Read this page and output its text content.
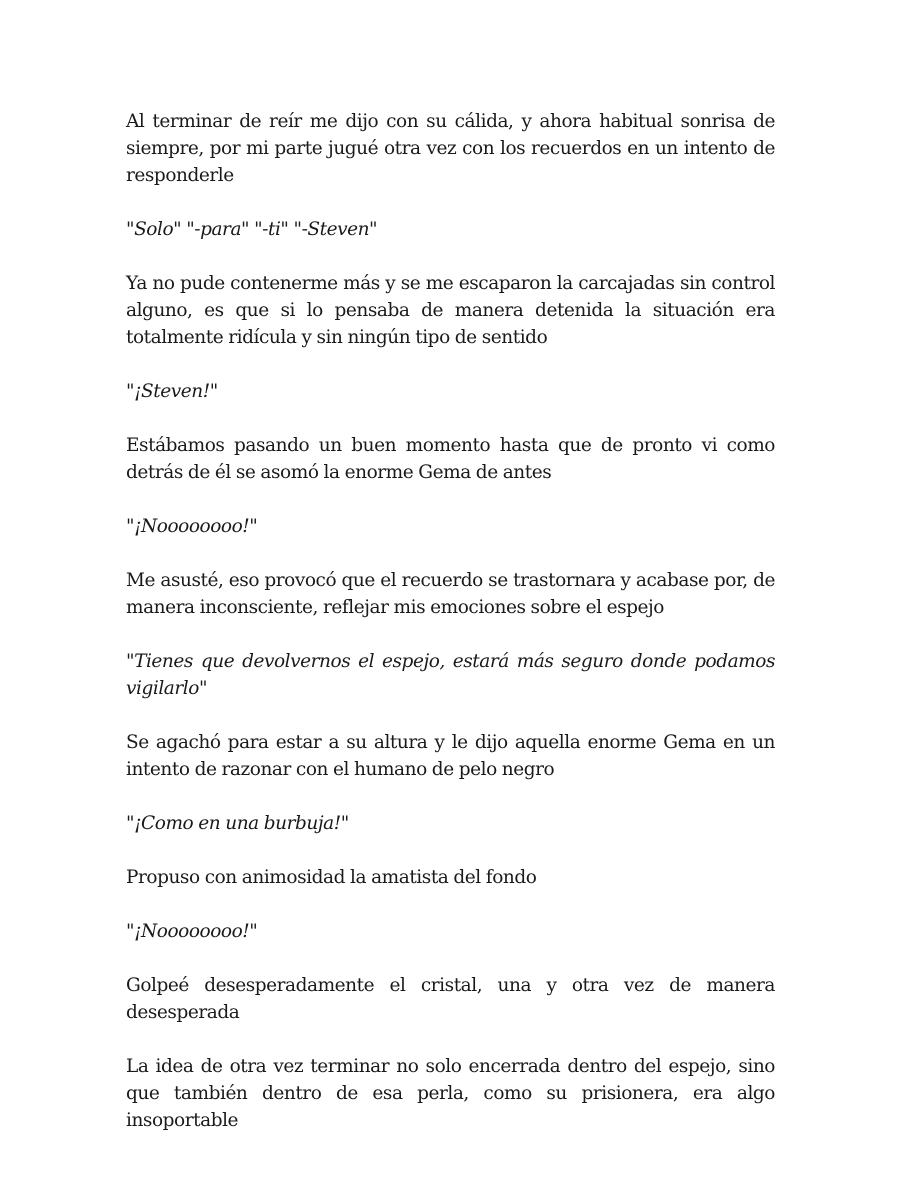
Al terminar de reír me dijo con su cálida, y ahora habitual sonrisa de siempre, por mi parte jugué otra vez con los recuerdos en un intento de responderle

"Solo" "-para" "-ti" "-Steven"

Ya no pude contenerme más y se me escaparon la carcajadas sin control alguno, es que si lo pensaba de manera detenida la situación era totalmente ridícula y sin ningún tipo de sentido

"¡Steven!"

Estábamos pasando un buen momento hasta que de pronto vi como detrás de él se asomó la enorme Gema de antes

"¡Noooooooo!"

Me asusté, eso provocó que el recuerdo se trastornara y acabase por, de manera inconsciente, reflejar mis emociones sobre el espejo

"Tienes que devolvernos el espejo, estará más seguro donde podamos vigilarlo"

Se agachó para estar a su altura y le dijo aquella enorme Gema en un intento de razonar con el humano de pelo negro

"¡Como en una burbuja!"

Propuso con animosidad la amatista del fondo

"¡Noooooooo!"

Golpeé desesperadamente el cristal, una y otra vez de manera desesperada

La idea de otra vez terminar no solo encerrada dentro del espejo, sino que también dentro de esa perla, como su prisionera, era algo insoportable
